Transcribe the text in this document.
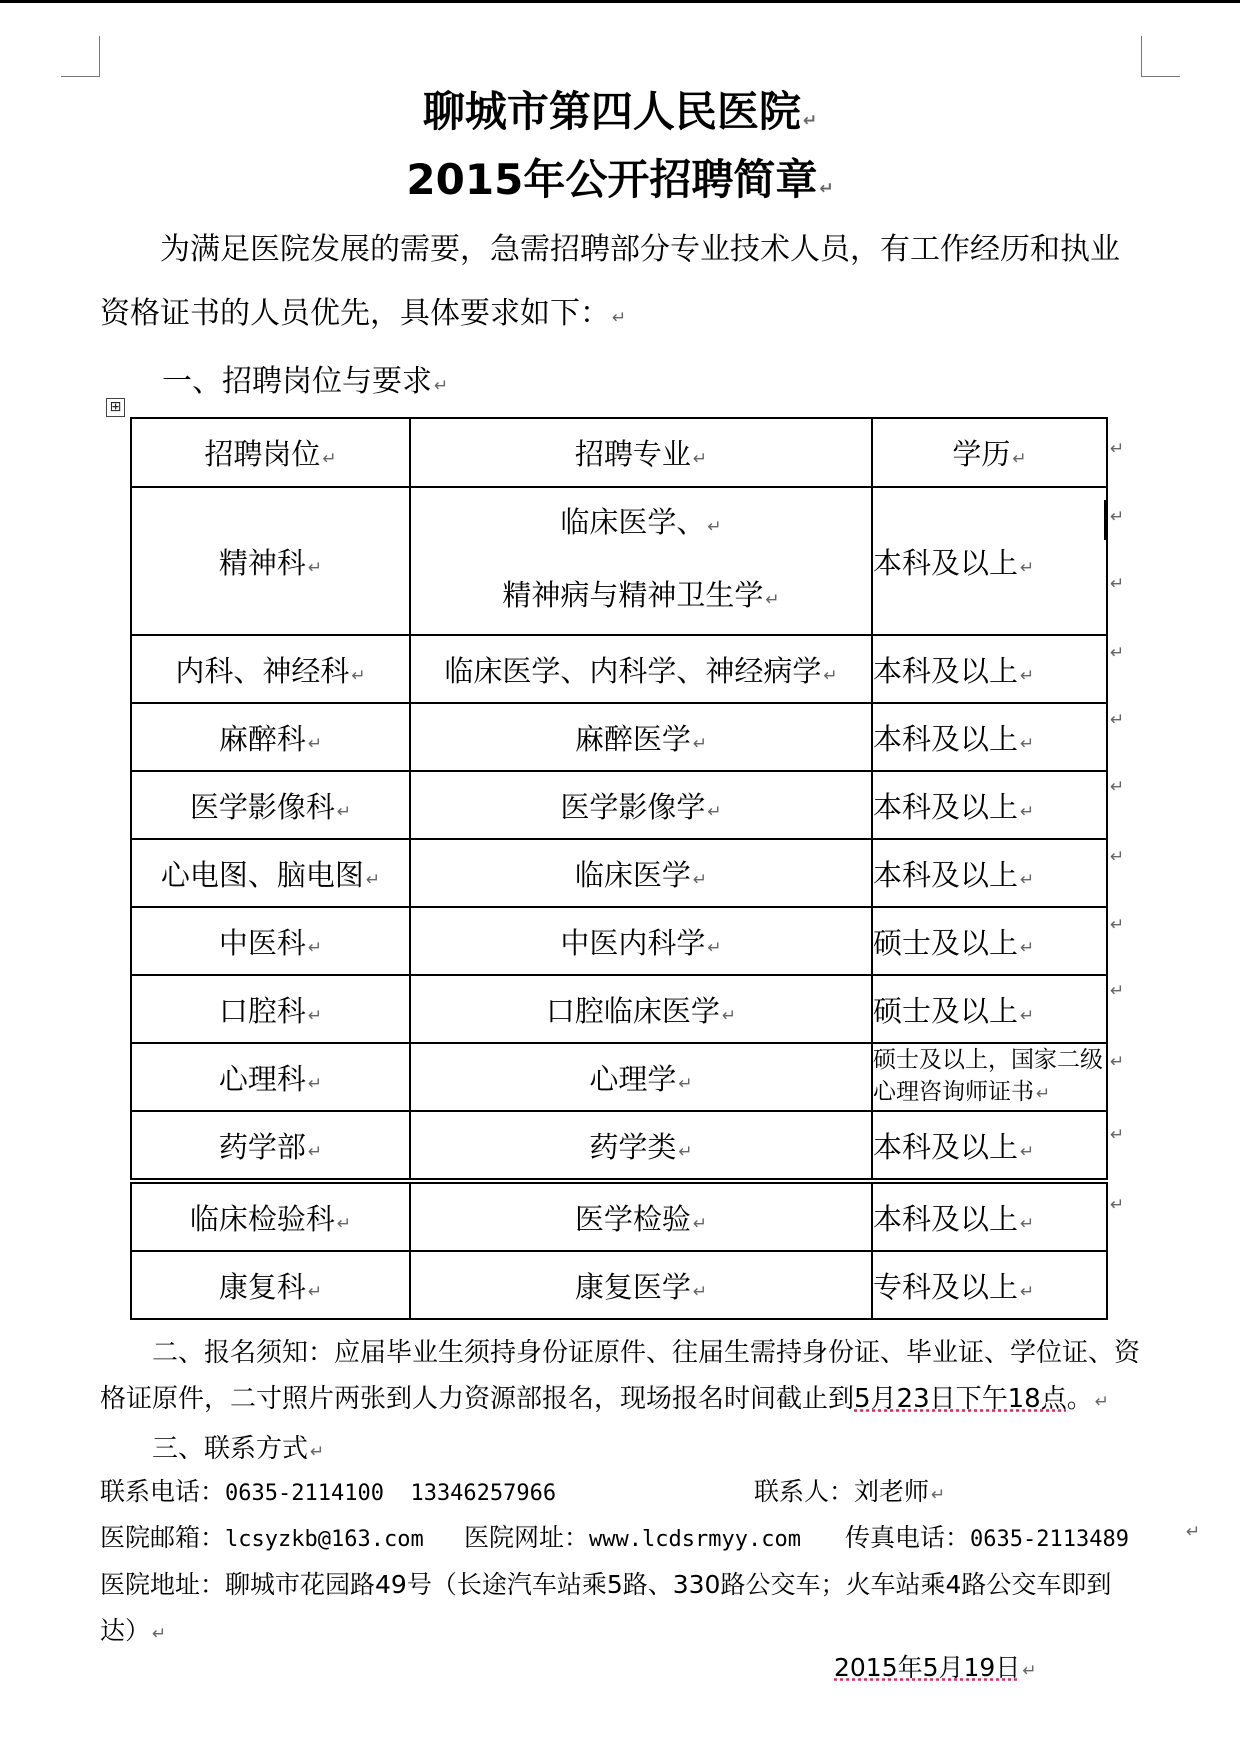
聊城市第四人民医院 ↵
2015年公开招聘简章 ↵
为满足医院发展的需要，急需招聘部分专业技术人员，有工作经历和执业资格证书的人员优先，具体要求如下： ↵
一、招聘岗位与要求 ↵
⊞
招聘岗位 ↵	招聘专业 ↵	学历 ↵
精神科 ↵	临床医学、 ↵
精神病与精神卫生学 ↵	本科及以上 ↵
内科、神经科 ↵	临床医学、内科学、神经病学 ↵	本科及以上 ↵
麻醉科 ↵	麻醉医学 ↵	本科及以上 ↵
医学影像科 ↵	医学影像学 ↵	本科及以上 ↵
心电图、脑电图 ↵	临床医学 ↵	本科及以上 ↵
中医科 ↵	中医内科学 ↵	硕士及以上 ↵
口腔科 ↵	口腔临床医学 ↵	硕士及以上 ↵
心理科 ↵	心理学 ↵	硕士及以上，国家二级心理咨询师证书 ↵
药学部 ↵	药学类 ↵	本科及以上 ↵
临床检验科 ↵	医学检验 ↵	本科及以上 ↵
康复科 ↵	康复医学 ↵	专科及以上 ↵
↵
↵
↵
↵
↵
↵
↵
↵
↵
↵
↵
↵
二、报名须知：应届毕业生须持身份证原件、往届生需持身份证、毕业证、学位证、资格证原件，二寸照片两张到人力资源部报名，现场报名时间截止到5月23日下午18点。 ↵
三、联系方式 ↵
联系电话：0635-2114100  13346257966	联系人：刘老师 ↵
医院邮箱：lcsyzkb@163.com 医院网址：www.lcdsrmyy.com 传真电话：0635-2113489	↵
医院地址：聊城市花园路49号（长途汽车站乘5路、330路公交车；火车站乘4路公交车即到达） ↵
2015年5月19日 ↵
